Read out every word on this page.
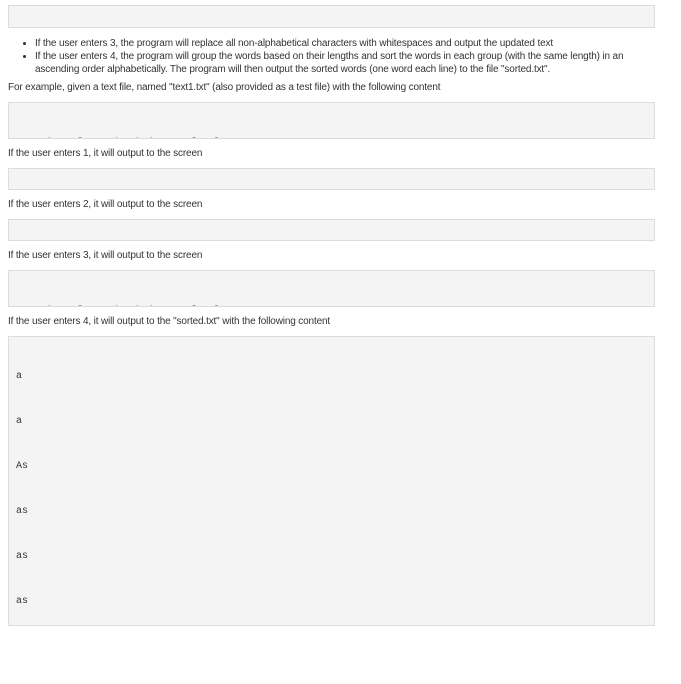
• If the user enters 3, the program will replace all non-alphabetical characters with whitespaces and output the updated text
• If the user enters 4, the program will group the words based on their lengths and sort the words in each group (with the same length) in an ascending order alphabetically. The program will then output the sorted words (one word each line) to the file "sorted.txt".
For example, given a text file, named "text1.txt" (also provided as a test file) with the following content

If the user enters 1, it will output to the screen

If the user enters 2, it will output to the screen

If the user enters 3, it will output to the screen

If the user enters 4, it will output to the "sorted.txt" with the following content

a

a

As

as

as

as
